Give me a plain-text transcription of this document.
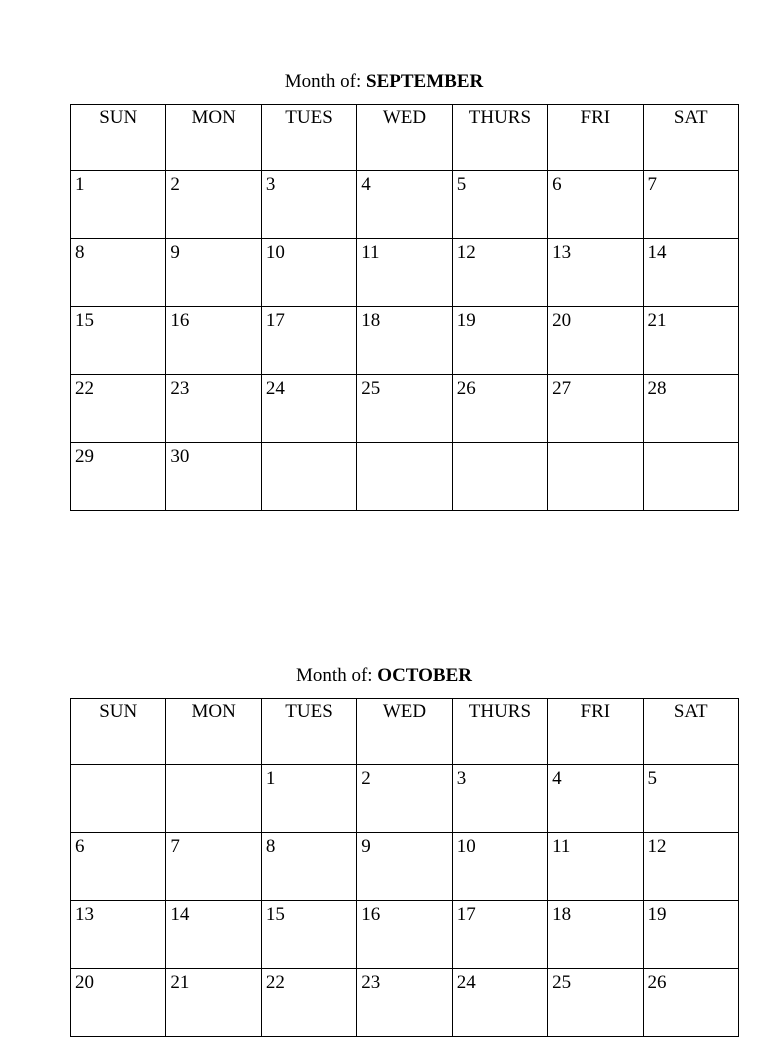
Month of: SEPTEMBER
SUN	MON	TUES	WED	THURS	FRI	SAT
1	2	3	4	5	6	7
8	9	10	11	12	13	14
15	16	17	18	19	20	21
22	23	24	25	26	27	28
29	30					
Month of: OCTOBER
SUN	MON	TUES	WED	THURS	FRI	SAT
		1	2	3	4	5
6	7	8	9	10	11	12
13	14	15	16	17	18	19
20	21	22	23	24	25	26
